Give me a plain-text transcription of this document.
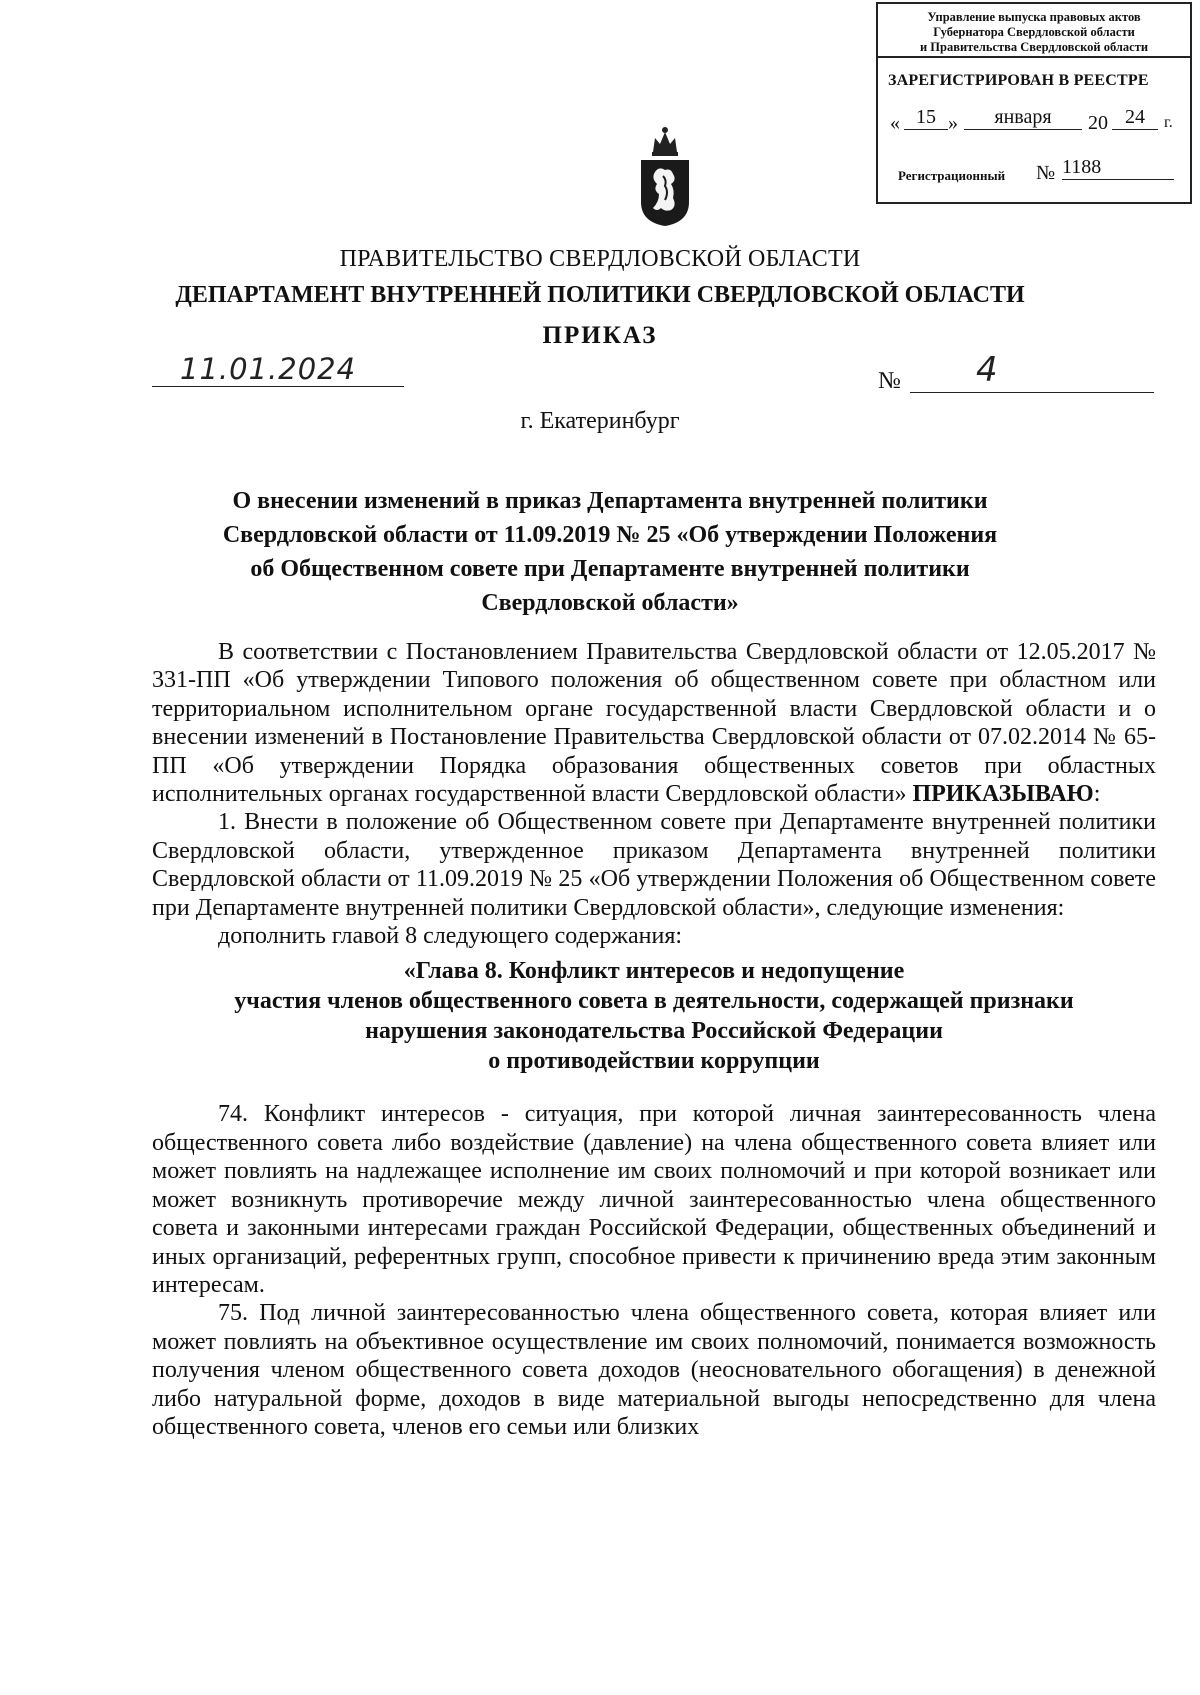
Управление выпуска правовых актов
Губернатора Свердловской области
и Правительства Свердловской области
ЗАРЕГИСТРИРОВАН В РЕЕСТРЕ
« 15 »	января	20 24	г.
Регистрационный № 1188
ПРАВИТЕЛЬСТВО СВЕРДЛОВСКОЙ ОБЛАСТИ
ДЕПАРТАМЕНТ ВНУТРЕННЕЙ ПОЛИТИКИ СВЕРДЛОВСКОЙ ОБЛАСТИ
ПРИКАЗ
11.01.2024	№ 4
г. Екатеринбург
О внесении изменений в приказ Департамента внутренней политики
Свердловской области от 11.09.2019 № 25 «Об утверждении Положения
об Общественном совете при Департаменте внутренней политики
Свердловской области»

В соответствии с Постановлением Правительства Свердловской области от 12.05.2017 № 331-ПП «Об утверждении Типового положения об общественном совете при областном или территориальном исполнительном органе государственной власти Свердловской области и о внесении изменений в Постановление Правительства Свердловской области от 07.02.2014 № 65-ПП «Об утверждении Порядка образования общественных советов при областных исполнительных органах государственной власти Свердловской области» ПРИКАЗЫВАЮ:

1. Внести в положение об Общественном совете при Департаменте внутренней политики Свердловской области, утвержденное приказом Департамента внутренней политики Свердловской области от 11.09.2019 № 25 «Об утверждении Положения об Общественном совете при Департаменте внутренней политики Свердловской области», следующие изменения:

дополнить главой 8 следующего содержания:

«Глава 8. Конфликт интересов и недопущение
участия членов общественного совета в деятельности, содержащей признаки
нарушения законодательства Российской Федерации
о противодействии коррупции

74. Конфликт интересов - ситуация, при которой личная заинтересованность члена общественного совета либо воздействие (давление) на члена общественного совета влияет или может повлиять на надлежащее исполнение им своих полномочий и при которой возникает или может возникнуть противоречие между личной заинтересованностью члена общественного совета и законными интересами граждан Российской Федерации, общественных объединений и иных организаций, референтных групп, способное привести к причинению вреда этим законным интересам.

75. Под личной заинтересованностью члена общественного совета, которая влияет или может повлиять на объективное осуществление им своих полномочий, понимается возможность получения членом общественного совета доходов (неосновательного обогащения) в денежной либо натуральной форме, доходов в виде материальной выгоды непосредственно для члена общественного совета, членов его семьи или близких
